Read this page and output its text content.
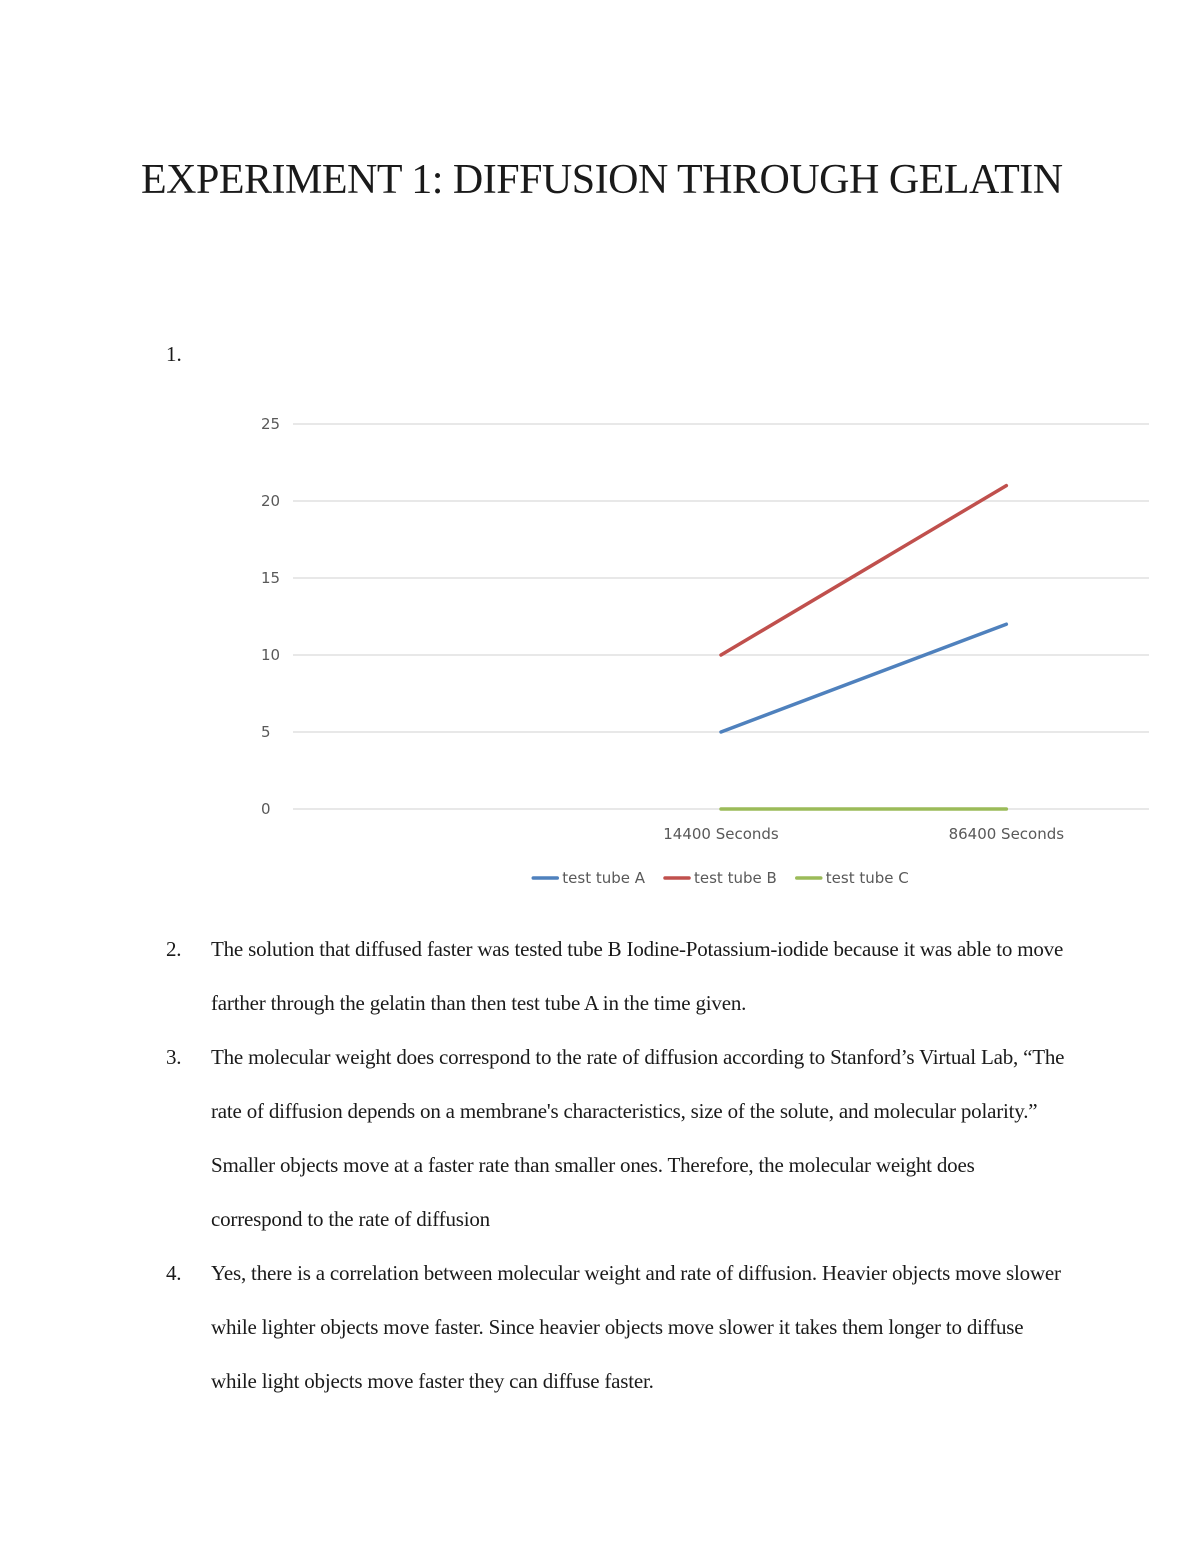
EXPERIMENT 1: DIFFUSION THROUGH GELATIN
1.
0
5
10
15
20
25
14400 Seconds	86400 Seconds
test tube A	test tube B	test tube C
2.	The solution that diffused faster was tested tube B Iodine-Potassium-iodide because it was able to move farther through the gelatin than then test tube A in the time given.
3.	The molecular weight does correspond to the rate of diffusion according to Stanford’s Virtual Lab, “The rate of diffusion depends on a membrane's characteristics, size of the solute, and molecular polarity.” Smaller objects move at a faster rate than smaller ones. Therefore, the molecular weight does correspond to the rate of diffusion
4.	Yes, there is a correlation between molecular weight and rate of diffusion. Heavier objects move slower while lighter objects move faster. Since heavier objects move slower it takes them longer to diffuse while light objects move faster they can diffuse faster.
